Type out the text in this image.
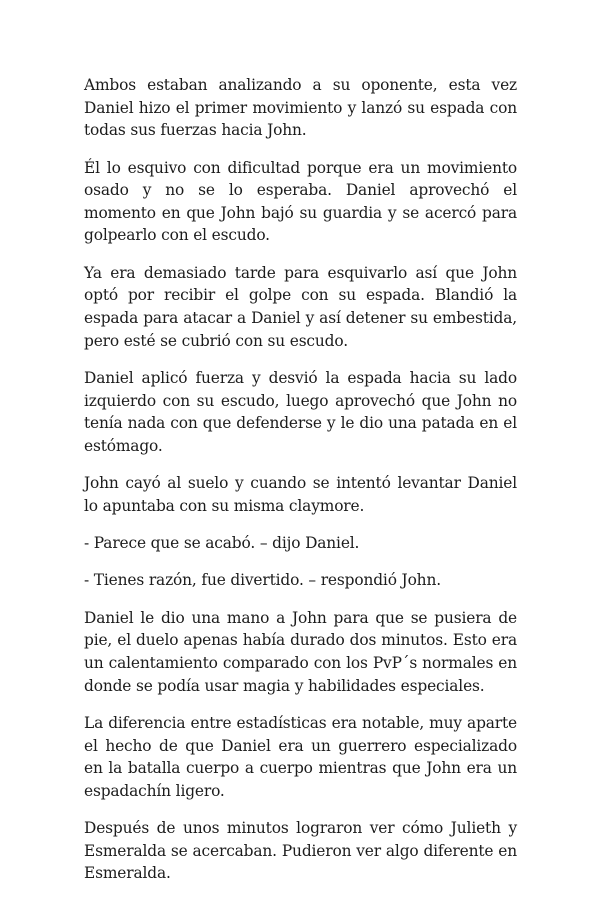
Ambos estaban analizando a su oponente, esta vez Daniel hizo el primer movimiento y lanzó su espada con todas sus fuerzas hacia John.

Él lo esquivo con dificultad porque era un movimiento osado y no se lo esperaba. Daniel aprovechó el momento en que John bajó su guardia y se acercó para golpearlo con el escudo.

Ya era demasiado tarde para esquivarlo así que John optó por recibir el golpe con su espada. Blandió la espada para atacar a Daniel y así detener su embestida, pero esté se cubrió con su escudo.

Daniel aplicó fuerza y desvió la espada hacia su lado izquierdo con su escudo, luego aprovechó que John no tenía nada con que defenderse y le dio una patada en el estómago.

John cayó al suelo y cuando se intentó levantar Daniel lo apuntaba con su misma claymore.

- Parece que se acabó. – dijo Daniel.

- Tienes razón, fue divertido. – respondió John.

Daniel le dio una mano a John para que se pusiera de pie, el duelo apenas había durado dos minutos. Esto era un calentamiento comparado con los PvP´s normales en donde se podía usar magia y habilidades especiales.

La diferencia entre estadísticas era notable, muy aparte el hecho de que Daniel era un guerrero especializado en la batalla cuerpo a cuerpo mientras que John era un espadachín ligero.

Después de unos minutos lograron ver cómo Julieth y Esmeralda se acercaban. Pudieron ver algo diferente en Esmeralda.
